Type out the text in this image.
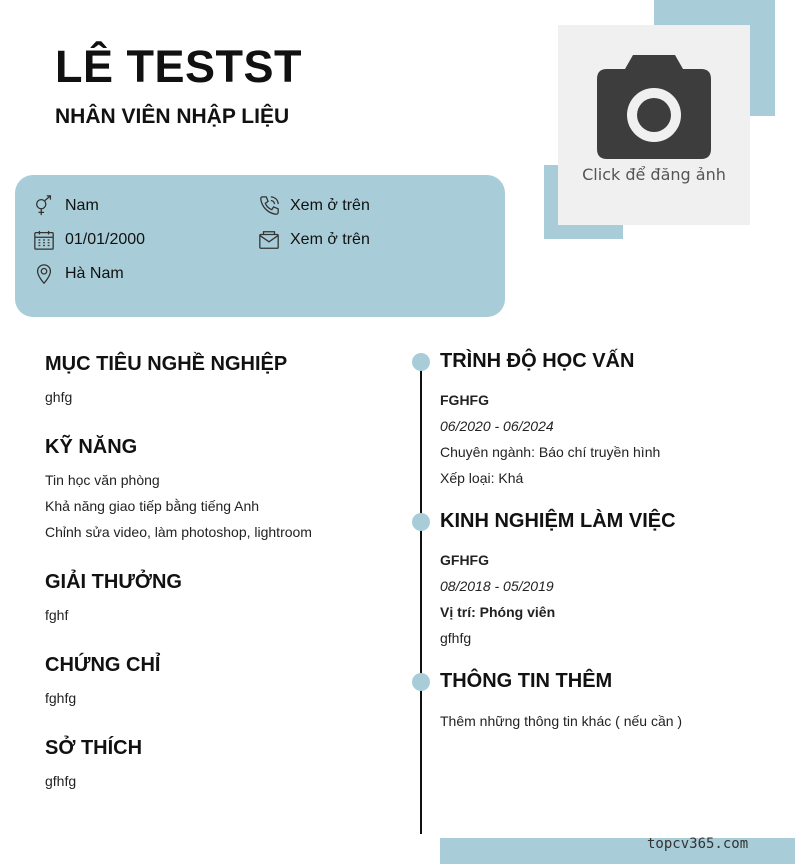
LÊ TESTST
NHÂN VIÊN NHẬP LIỆU
Click để đăng ảnh
Nam
01/01/2000
Hà Nam
Xem ở trên
Xem ở trên
MỤC TIÊU NGHỀ NGHIỆP
ghfg
KỸ NĂNG
Tin học văn phòng
Khả năng giao tiếp bằng tiếng Anh
Chỉnh sửa video, làm photoshop, lightroom
GIẢI THƯỞNG
fghf
CHỨNG CHỈ
fghfg
SỞ THÍCH
gfhfg
TRÌNH ĐỘ HỌC VẤN
FGHFG
06/2020 - 06/2024
Chuyên ngành: Báo chí truyền hình
Xếp loại: Khá
KINH NGHIỆM LÀM VIỆC
GFHFG
08/2018 - 05/2019
Vị trí: Phóng viên
gfhfg
THÔNG TIN THÊM
Thêm những thông tin khác ( nếu cần )
topcv365.com
